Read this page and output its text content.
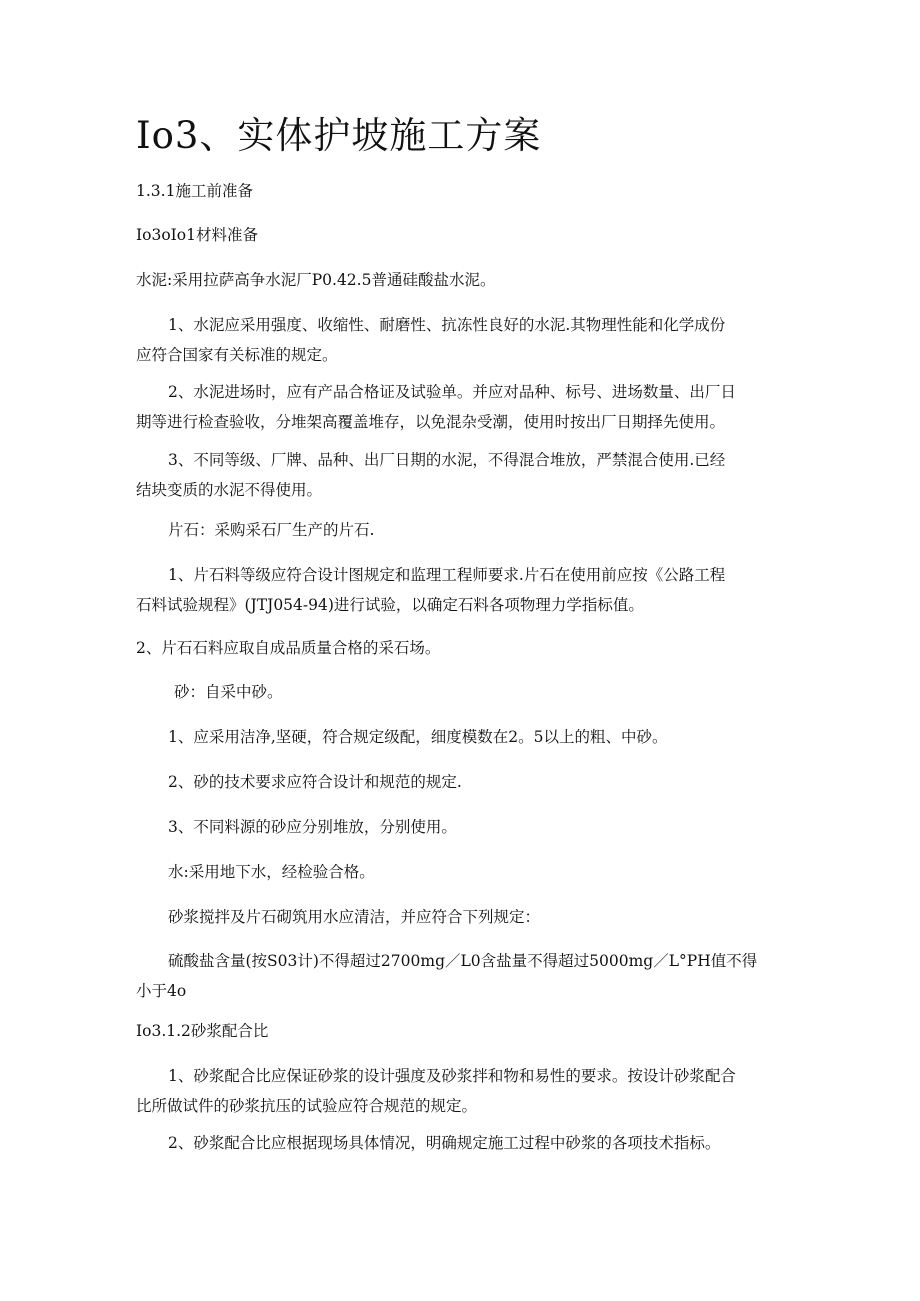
Io3、实体护坡施工方案

1.3.1施工前准备

Io3oIo1材料准备

水泥:采用拉萨高争水泥厂P0.42.5普通硅酸盐水泥。

1、水泥应采用强度、收缩性、耐磨性、抗冻性良好的水泥.其物理性能和化学成份
应符合国家有关标准的规定。
2、水泥进场时，应有产品合格证及试验单。并应对品种、标号、进场数量、出厂日
期等进行检查验收，分堆架高覆盖堆存，以免混杂受潮，使用时按出厂日期择先使用。
3、不同等级、厂牌、品种、出厂日期的水泥，不得混合堆放，严禁混合使用.已经
结块变质的水泥不得使用。

片石：采购采石厂生产的片石.

1、片石料等级应符合设计图规定和监理工程师要求.片石在使用前应按《公路工程
石料试验规程》(JTJ054-94)进行试验，以确定石料各项物理力学指标值。

2、片石石料应取自成品质量合格的采石场。

砂：自采中砂。

1、应采用洁净,坚硬，符合规定级配，细度模数在2。5以上的粗、中砂。

2、砂的技术要求应符合设计和规范的规定.

3、不同料源的砂应分别堆放，分别使用。

水:采用地下水，经检验合格。

砂浆搅拌及片石砌筑用水应清洁，并应符合下列规定：

硫酸盐含量(按S03计)不得超过2700mg／L0含盐量不得超过5000mg／L°PH值不得
小于4o

Io3.1.2砂浆配合比

1、砂浆配合比应保证砂浆的设计强度及砂浆拌和物和易性的要求。按设计砂浆配合
比所做试件的砂浆抗压的试验应符合规范的规定。

2、砂浆配合比应根据现场具体情况，明确规定施工过程中砂浆的各项技术指标。
